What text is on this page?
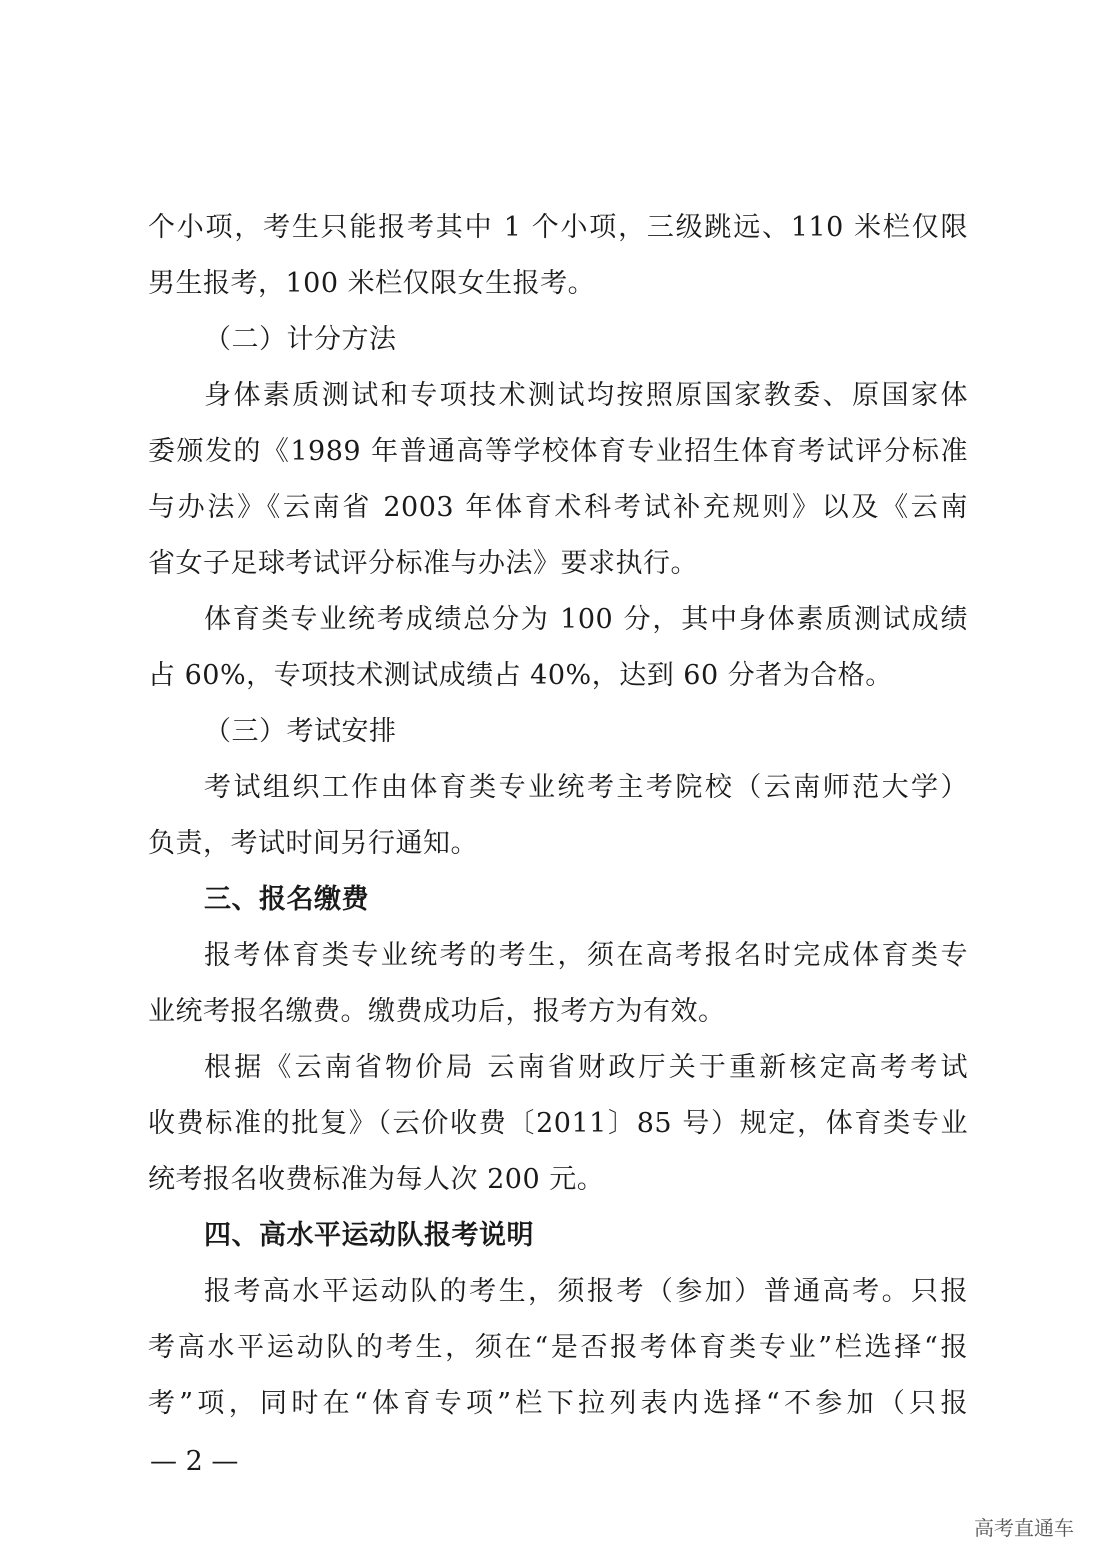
个小项，考生只能报考其中 1 个小项，三级跳远、110 米栏仅限
男生报考，100 米栏仅限女生报考。
（二）计分方法
身体素质测试和专项技术测试均按照原国家教委、原国家体
委颁发的《1989 年普通高等学校体育专业招生体育考试评分标准
与办法》《云南省 2003 年体育术科考试补充规则》以及《云南
省女子足球考试评分标准与办法》要求执行。
体育类专业统考成绩总分为 100 分，其中身体素质测试成绩
占 60%，专项技术测试成绩占 40%，达到 60 分者为合格。
（三）考试安排
考试组织工作由体育类专业统考主考院校（云南师范大学）
负责，考试时间另行通知。
三、报名缴费
报考体育类专业统考的考生，须在高考报名时完成体育类专
业统考报名缴费。缴费成功后，报考方为有效。
根据《云南省物价局 云南省财政厅关于重新核定高考考试
收费标准的批复》（云价收费〔2011〕85 号）规定，体育类专业
统考报名收费标准为每人次 200 元。
四、高水平运动队报考说明
报考高水平运动队的考生，须报考（参加）普通高考。只报
考高水平运动队的考生，须在“是否报考体育类专业”栏选择“报
考”项，同时在“体育专项”栏下拉列表内选择“不参加（只报
— 2 —
高考直通车
